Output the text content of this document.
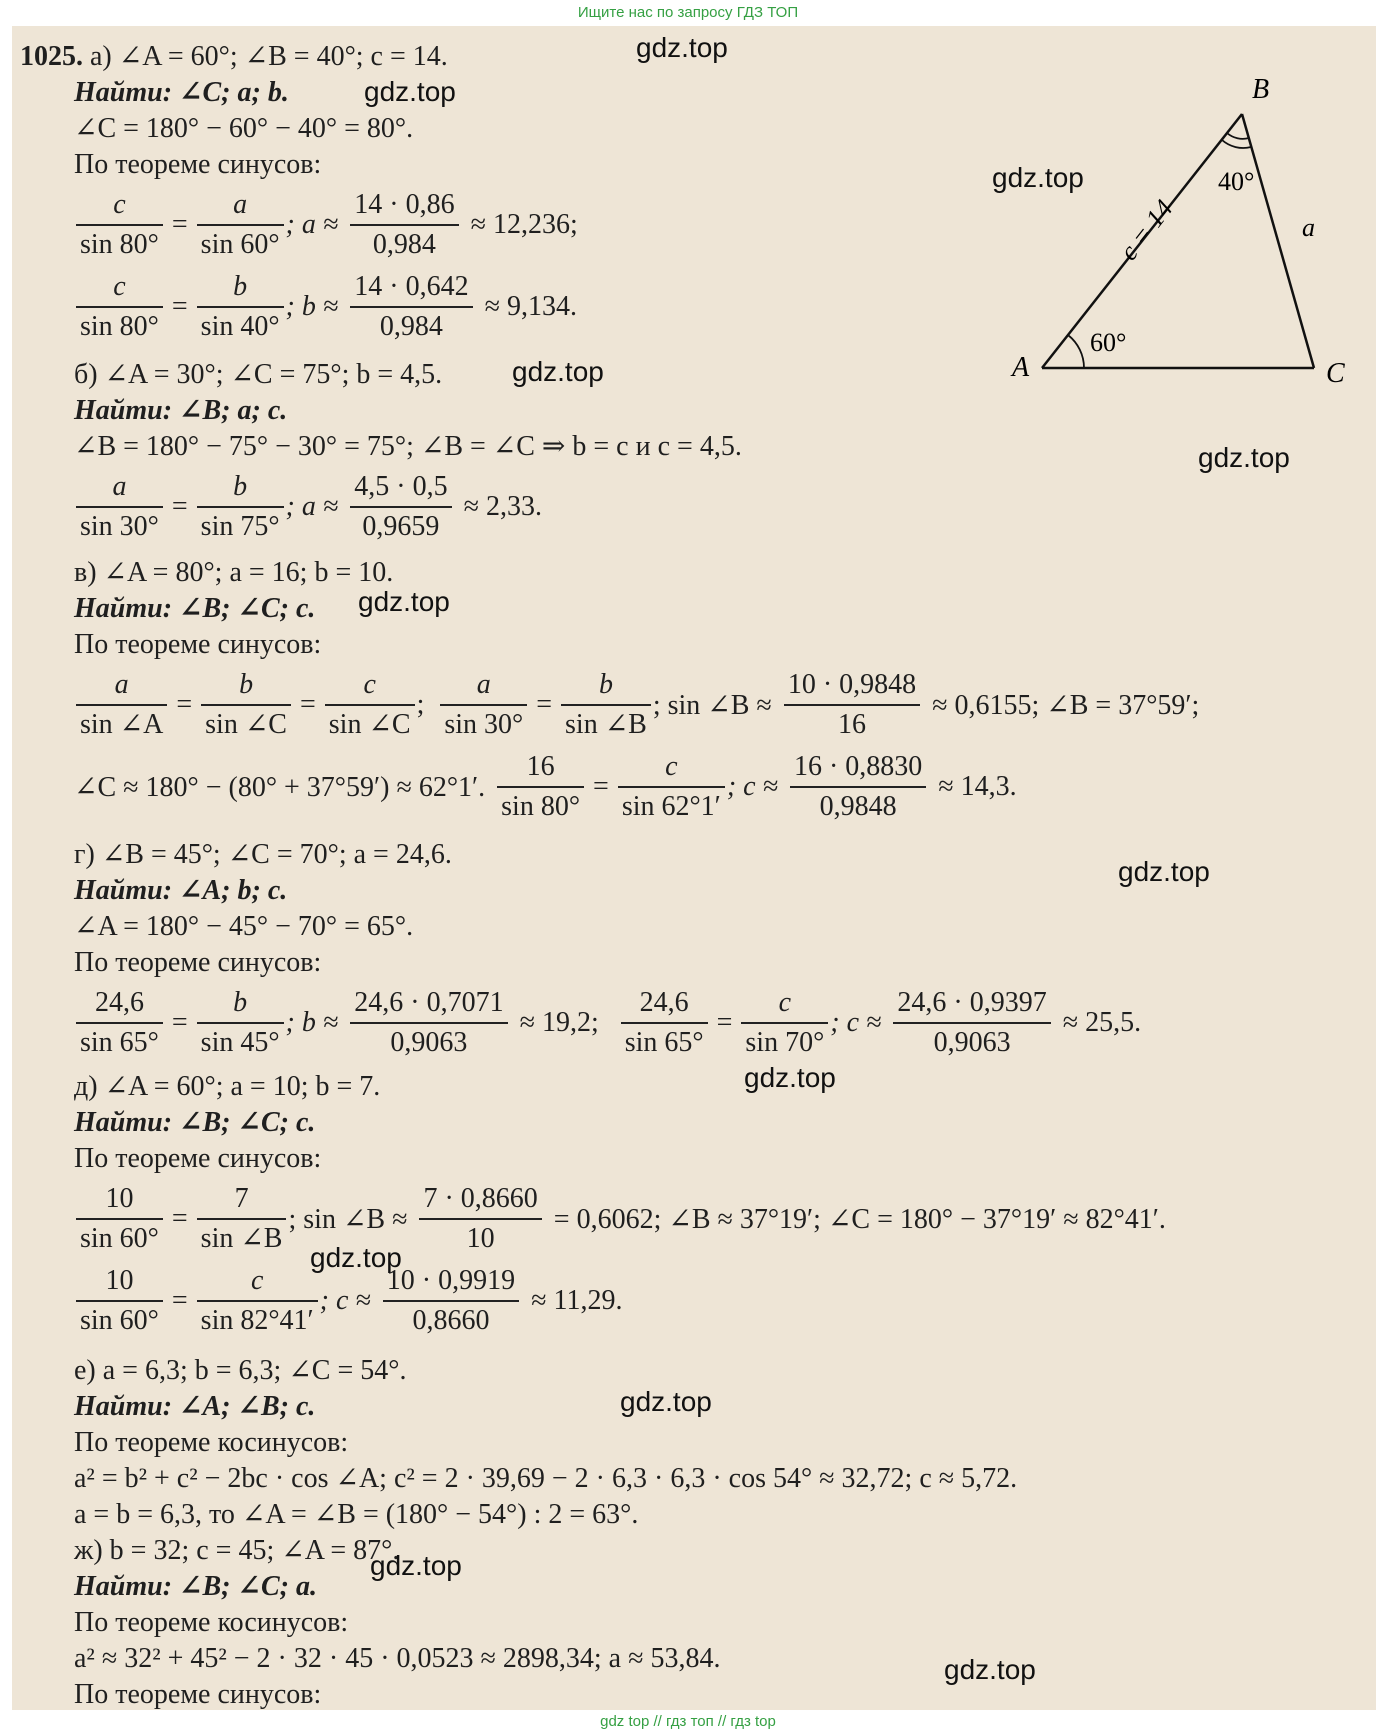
Ищите нас по запросу ГДЗ ТОП
1025. а) ∠A = 60°; ∠B = 40°; c = 14.
Найти: ∠C; a; b.
∠C = 180° − 60° − 40° = 80°.
По теореме синусов:
$\frac{c}{\sin 80^\circ} = \frac{a}{\sin 60^\circ}$ ; $a \approx \frac{14 \cdot 0,86}{0,984} \approx 12,236$;
$\frac{c}{\sin 80^\circ} = \frac{b}{\sin 40^\circ}$ ; $b \approx \frac{14 \cdot 0,642}{0,984} \approx 9,134$.
б) ∠A = 30°; ∠C = 75°; b = 4,5.
Найти: ∠B; a; c.
∠B = 180° − 75° − 30° = 75°; ∠B = ∠C ⇒ b = c и c = 4,5.
$\frac{a}{\sin 30^\circ} = \frac{b}{\sin 75^\circ}$ ; $a \approx \frac{4,5 \cdot 0,5}{0,9659} \approx 2,33$.
в) ∠A = 80°; a = 16; b = 10.
Найти: ∠B; ∠C; c.
По теореме синусов:
$\frac{a}{\sin \angle A} = \frac{b}{\sin \angle C} = \frac{c}{\sin \angle C}$ ; $\frac{a}{\sin 30^\circ} = \frac{b}{\sin \angle B}$ ; sin ∠B ≈ $\frac{10 \cdot 0,9848}{16} \approx 0,6155$; ∠B = 37°59′;
∠C ≈ 180° − (80° + 37°59′) ≈ 62°1′. $\frac{16}{\sin 80^\circ} = \frac{c}{\sin 62^\circ 1'}$ ; $c \approx \frac{16 \cdot 0,8830}{0,9848} \approx 14,3$.
г) ∠B = 45°; ∠C = 70°; a = 24,6.
Найти: ∠A; b; c.
∠A = 180° − 45° − 70° = 65°.
По теореме синусов:
$\frac{24,6}{\sin 65^\circ} = \frac{b}{\sin 45^\circ}$ ; $b \approx \frac{24,6 \cdot 0,7071}{0,9063} \approx 19,2$; $\frac{24,6}{\sin 65^\circ} = \frac{c}{\sin 70^\circ}$ ; $c \approx \frac{24,6 \cdot 0,9397}{0,9063} \approx 25,5$.
д) ∠A = 60°; a = 10; b = 7.
Найти: ∠B; ∠C; c.
По теореме синусов:
$\frac{10}{\sin 60^\circ} = \frac{7}{\sin \angle B}$ ; sin ∠B ≈ $\frac{7 \cdot 0,8660}{10} = 0,6062$; ∠B ≈ 37°19′; ∠C = 180° − 37°19′ ≈ 82°41′.
$\frac{10}{\sin 60^\circ} = \frac{c}{\sin 82^\circ 41'}$ ; $c \approx \frac{10 \cdot 0,9919}{0,8660} \approx 11,29$.
е) a = 6,3; b = 6,3; ∠C = 54°.
Найти: ∠A; ∠B; c.
По теореме косинусов:
a² = b² + c² − 2bc · cos ∠A; c² = 2 · 39,69 − 2 · 6,3 · 6,3 · cos 54° ≈ 32,72; c ≈ 5,72.
a = b = 6,3, то ∠A = ∠B = (180° − 54°) : 2 = 63°.
ж) b = 32; c = 45; ∠A = 87°.
Найти: ∠B; ∠C; a.
По теореме косинусов:
a² ≈ 32² + 45² − 2 · 32 · 45 · 0,0523 ≈ 2898,34; a ≈ 53,84.
По теореме синусов:
A
B
C
a
60°
40°
c = 14
gdz.top
gdz.top
gdz.top
gdz.top
gdz.top
gdz.top
gdz.top
gdz.top
gdz.top
gdz.top
gdz.top
gdz.top
gdz top // гдз топ // гдз top
